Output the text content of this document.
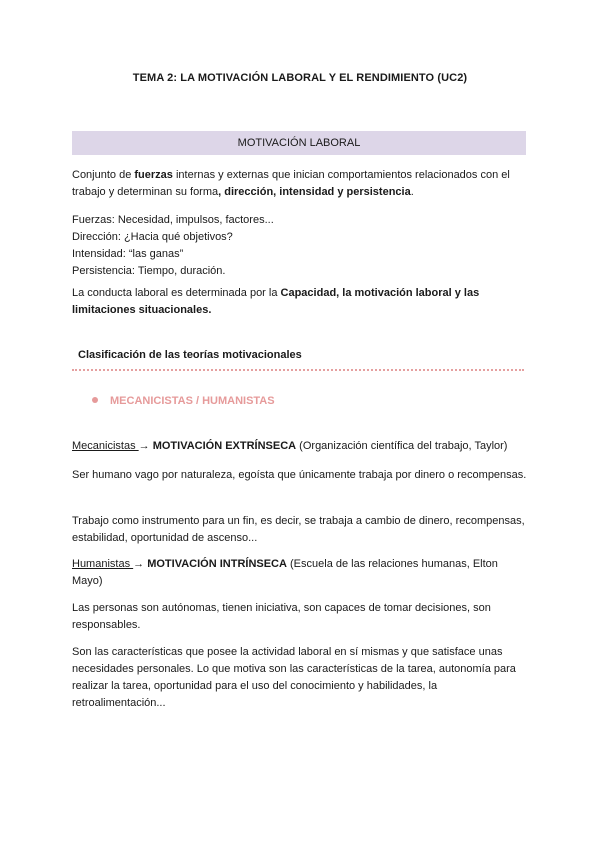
TEMA 2: LA MOTIVACIÓN LABORAL Y EL RENDIMIENTO (UC2)
MOTIVACIÓN LABORAL
Conjunto de fuerzas internas y externas que inician comportamientos relacionados con el trabajo y determinan su forma, dirección, intensidad y persistencia.
Fuerzas: Necesidad, impulsos, factores...
Dirección: ¿Hacia qué objetivos?
Intensidad: “las ganas”
Persistencia: Tiempo, duración.
La conducta laboral es determinada por la Capacidad, la motivación laboral y las limitaciones situacionales.
Clasificación de las teorías motivacionales
MECANICISTAS / HUMANISTAS
Mecanicistas → MOTIVACIÓN EXTRÍNSECA (Organización científica del trabajo, Taylor)
Ser humano vago por naturaleza, egoísta que únicamente trabaja por dinero o recompensas.
Trabajo como instrumento para un fin, es decir, se trabaja a cambio de dinero, recompensas, estabilidad, oportunidad de ascenso...
Humanistas → MOTIVACIÓN INTRÍNSECA (Escuela de las relaciones humanas, Elton Mayo)
Las personas son autónomas, tienen iniciativa, son capaces de tomar decisiones, son responsables.
Son las características que posee la actividad laboral en sí mismas y que satisface unas necesidades personales. Lo que motiva son las características de la tarea, autonomía para realizar la tarea, oportunidad para el uso del conocimiento y habilidades, la retroalimentación...
